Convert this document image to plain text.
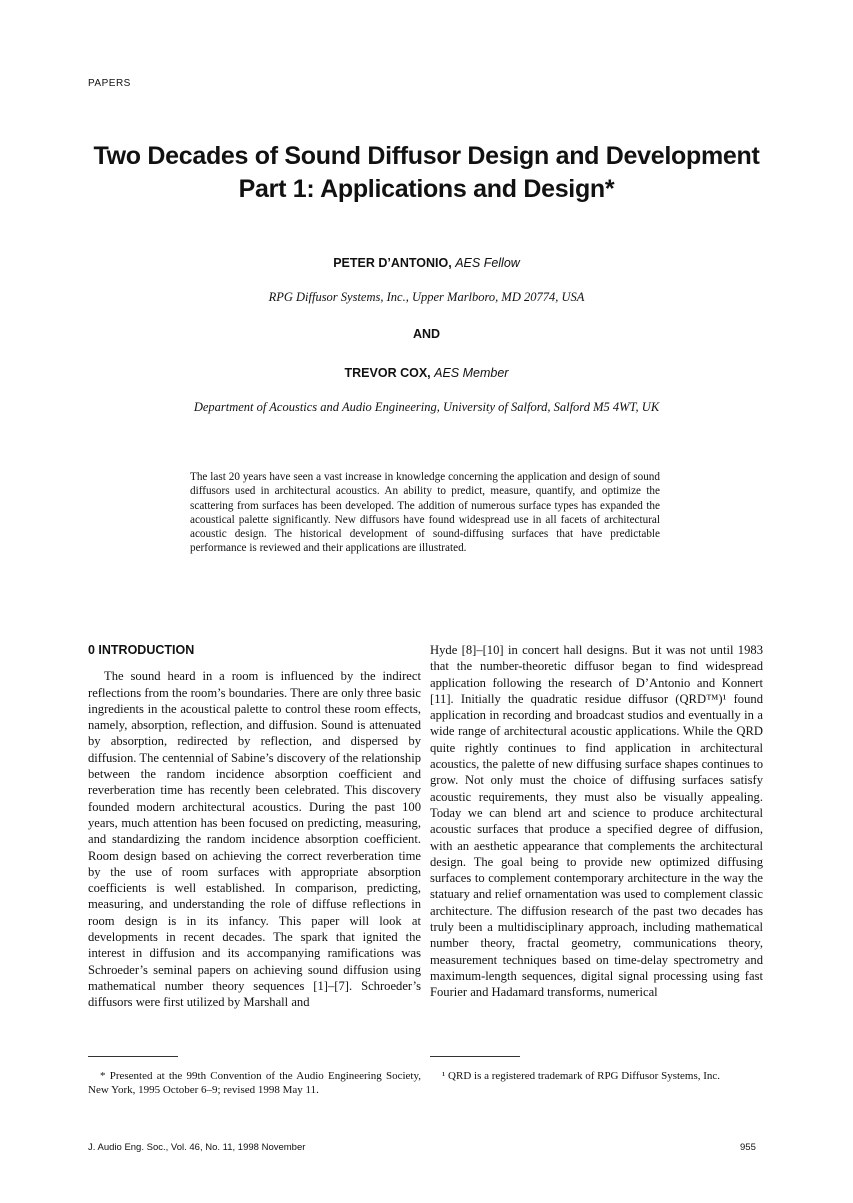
PAPERS
Two Decades of Sound Diffusor Design and Development
Part 1: Applications and Design*
PETER D’ANTONIO, AES Fellow
RPG Diffusor Systems, Inc., Upper Marlboro, MD 20774, USA
AND
TREVOR COX, AES Member
Department of Acoustics and Audio Engineering, University of Salford, Salford M5 4WT, UK
The last 20 years have seen a vast increase in knowledge concerning the application and design of sound diffusors used in architectural acoustics. An ability to predict, measure, quantify, and optimize the scattering from surfaces has been developed. The addition of numerous surface types has expanded the acoustical palette significantly. New diffusors have found widespread use in all facets of architectural acoustic design. The historical development of sound-diffusing surfaces that have predictable performance is reviewed and their applications are illustrated.
0 INTRODUCTION

The sound heard in a room is influenced by the indirect reflections from the room’s boundaries. There are only three basic ingredients in the acoustical palette to control these room effects, namely, absorption, reflection, and diffusion. Sound is attenuated by absorption, redirected by reflection, and dispersed by diffusion. The centennial of Sabine’s discovery of the relationship between the random incidence absorption coefficient and reverberation time has recently been celebrated. This discovery founded modern architectural acoustics. During the past 100 years, much attention has been focused on predicting, measuring, and standardizing the random incidence absorption coefficient. Room design based on achieving the correct reverberation time by the use of room surfaces with appropriate absorption coefficients is well established. In comparison, predicting, measuring, and understanding the role of diffuse reflections in room design is in its infancy. This paper will look at developments in recent decades. The spark that ignited the interest in diffusion and its accompanying ramifications was Schroeder’s seminal papers on achieving sound diffusion using mathematical number theory sequences [1]–[7]. Schroeder’s diffusors were first utilized by Marshall and

Hyde [8]–[10] in concert hall designs. But it was not until 1983 that the number-theoretic diffusor began to find widespread application following the research of D’Antonio and Konnert [11]. Initially the quadratic residue diffusor (QRD™)¹ found application in recording and broadcast studios and eventually in a wide range of architectural acoustic applications. While the QRD quite rightly continues to find application in architectural acoustics, the palette of new diffusing surface shapes continues to grow. Not only must the choice of diffusing surfaces satisfy acoustic requirements, they must also be visually appealing. Today we can blend art and science to produce architectural acoustic surfaces that produce a specified degree of diffusion, with an aesthetic appearance that complements the architectural design. The goal being to provide new optimized diffusing surfaces to complement contemporary architecture in the way the statuary and relief ornamentation was used to complement classic architecture. The diffusion research of the past two decades has truly been a multidisciplinary approach, including mathematical number theory, fractal geometry, communications theory, measurement techniques based on time-delay spectrometry and maximum-length sequences, digital signal processing using fast Fourier and Hadamard transforms, numerical

* Presented at the 99th Convention of the Audio Engineering Society, New York, 1995 October 6–9; revised 1998 May 11.
¹ QRD is a registered trademark of RPG Diffusor Systems, Inc.
J. Audio Eng. Soc., Vol. 46, No. 11, 1998 November	955
